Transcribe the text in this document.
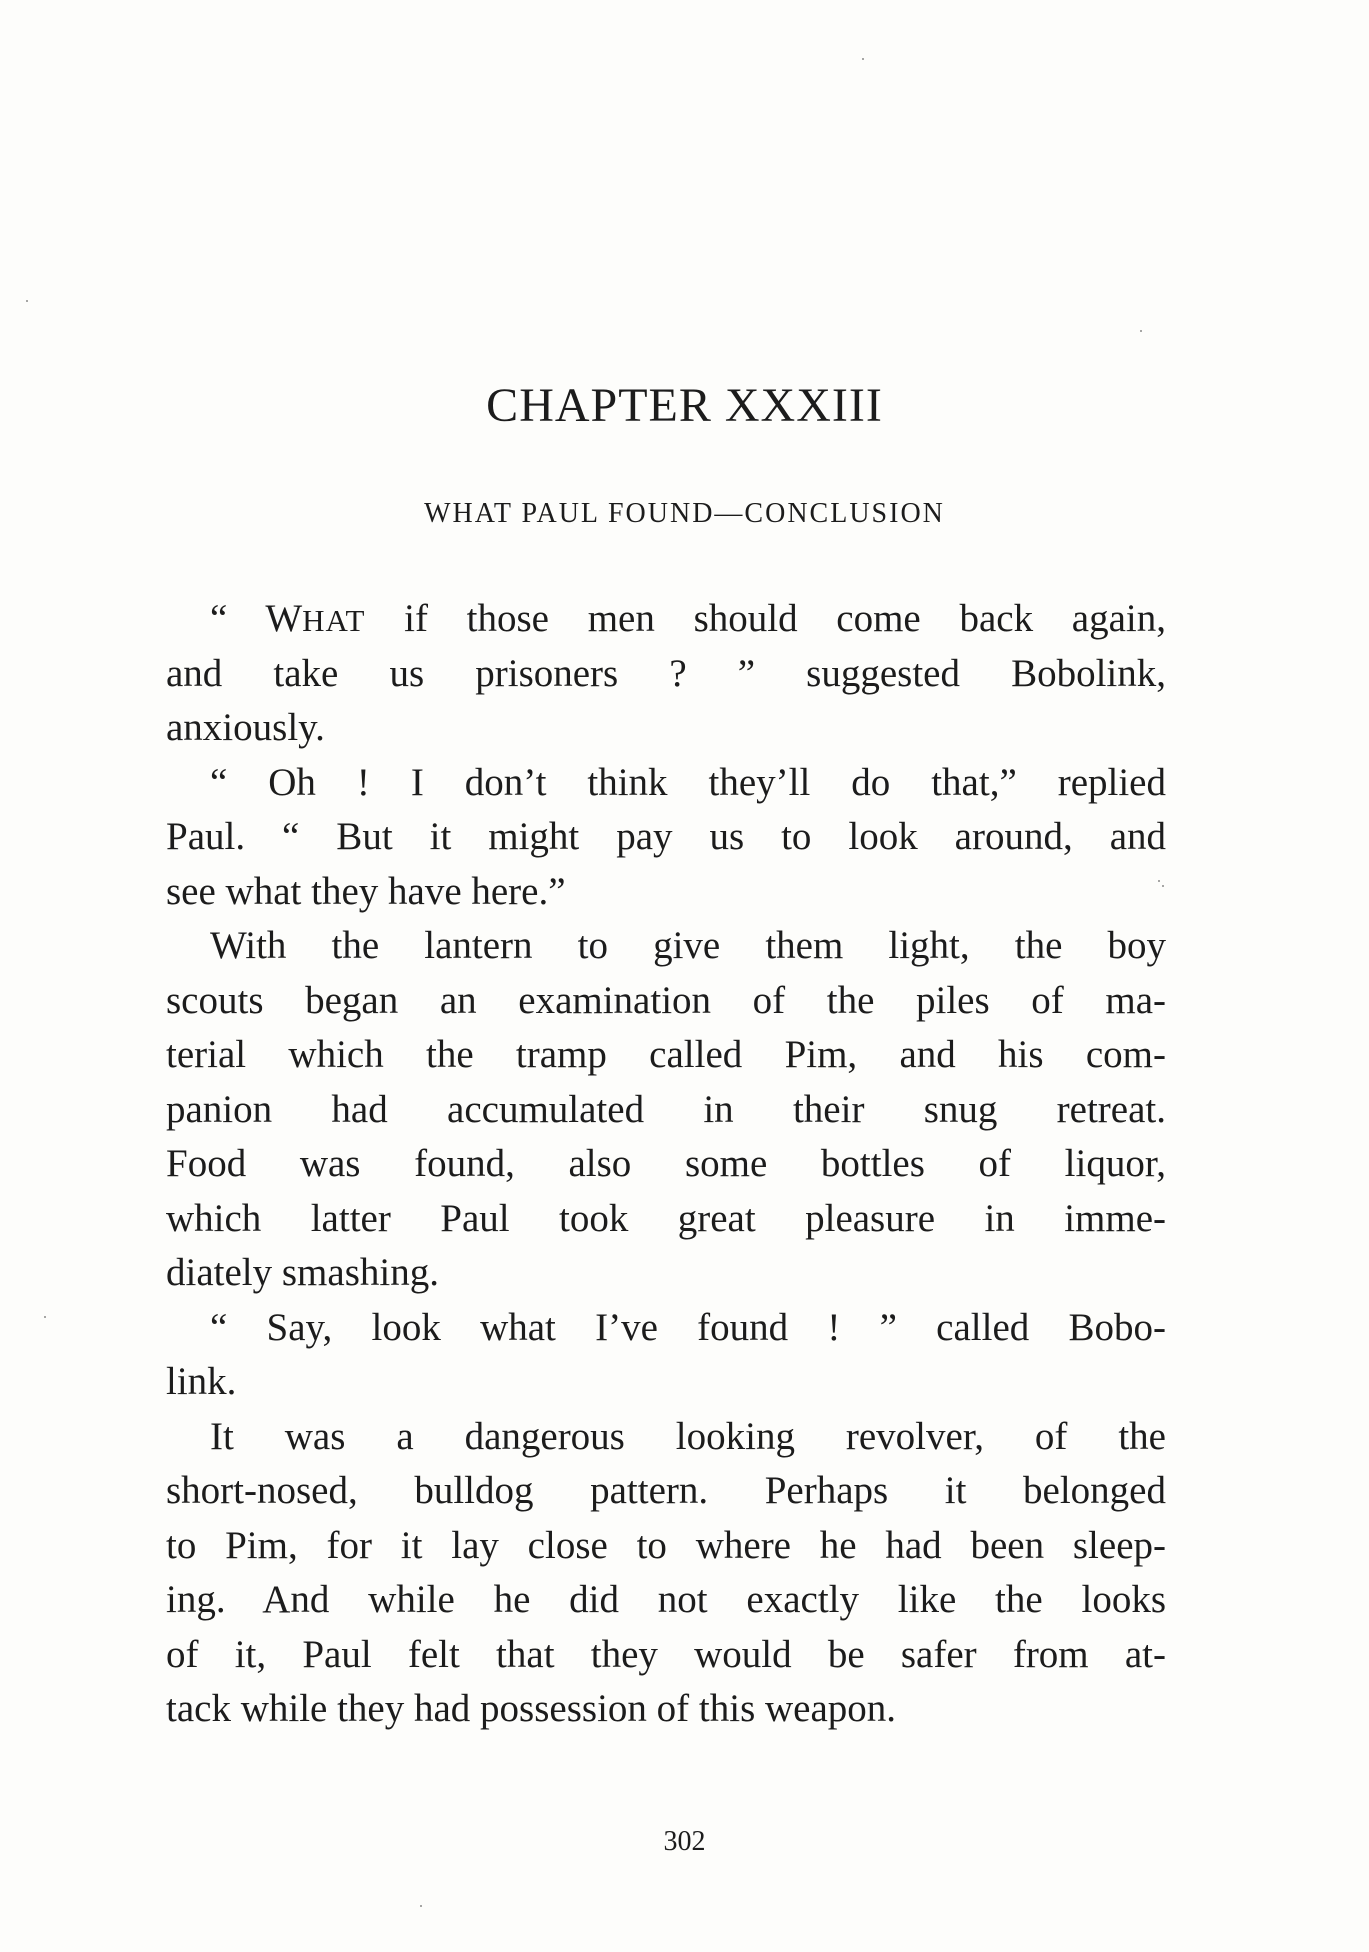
CHAPTER XXXIII
WHAT PAUL FOUND—CONCLUSION
“ WHAT if those men should come back again,
and take us prisoners ? ” suggested Bobolink,
anxiously.
“ Oh ! I don’t think they’ll do that,” replied
Paul. “ But it might pay us to look around, and
see what they have here.”
With the lantern to give them light, the boy
scouts began an examination of the piles of ma-
terial which the tramp called Pim, and his com-
panion had accumulated in their snug retreat.
Food was found, also some bottles of liquor,
which latter Paul took great pleasure in imme-
diately smashing.
“ Say, look what I’ve found ! ” called Bobo-
link.
It was a dangerous looking revolver, of the
short-nosed, bulldog pattern. Perhaps it belonged
to Pim, for it lay close to where he had been sleep-
ing. And while he did not exactly like the looks
of it, Paul felt that they would be safer from at-
tack while they had possession of this weapon.
302
